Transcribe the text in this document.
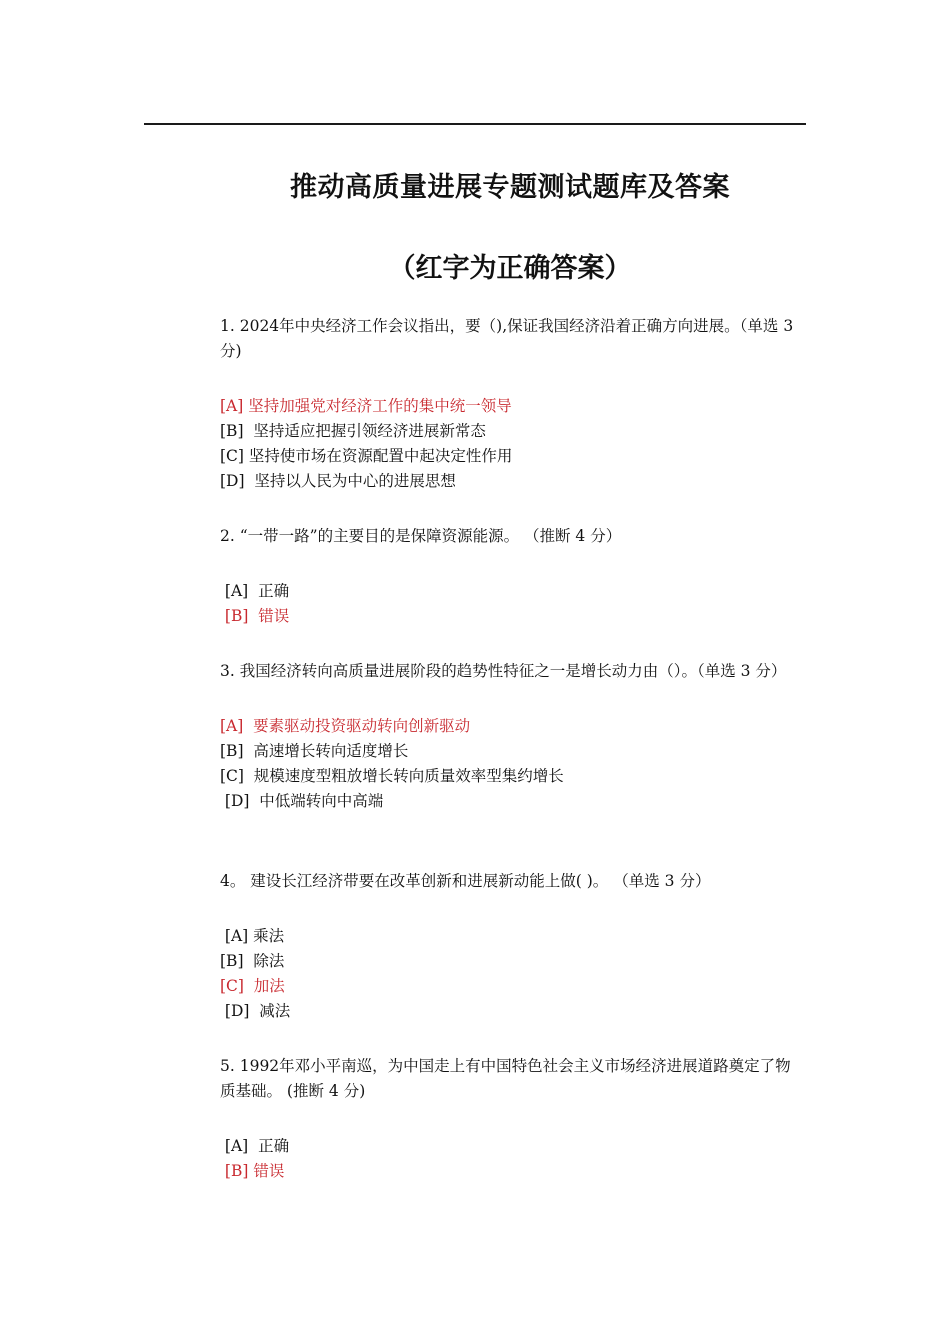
推动高质量进展专题测试题库及答案
（红字为正确答案）

1. 2024年中央经济工作会议指出，要（),保证我国经济沿着正确方向进展。（单选 3 分)

[A] 坚持加强党对经济工作的集中统一领导
[B]  坚持适应把握引领经济进展新常态
[C] 坚持使市场在资源配置中起决定性作用
[D]  坚持以人民为中心的进展思想

2. “一带一路”的主要目的是保障资源能源。 （推断 4 分）

[A]  正确
[B]  错误

3. 我国经济转向高质量进展阶段的趋势性特征之一是增长动力由（）。（单选 3 分）

[A]  要素驱动投资驱动转向创新驱动
[B]  高速增长转向适度增长
[C]  规模速度型粗放增长转向质量效率型集约增长
[D]  中低端转向中高端

4。 建设长江经济带要在改革创新和进展新动能上做( )。 （单选 3 分）

[A] 乘法
[B]  除法
[C]  加法
[D]  减法

5. 1992年邓小平南巡，为中国走上有中国特色社会主义市场经济进展道路奠定了物质基础。 (推断 4 分)

[A]  正确
[B] 错误
